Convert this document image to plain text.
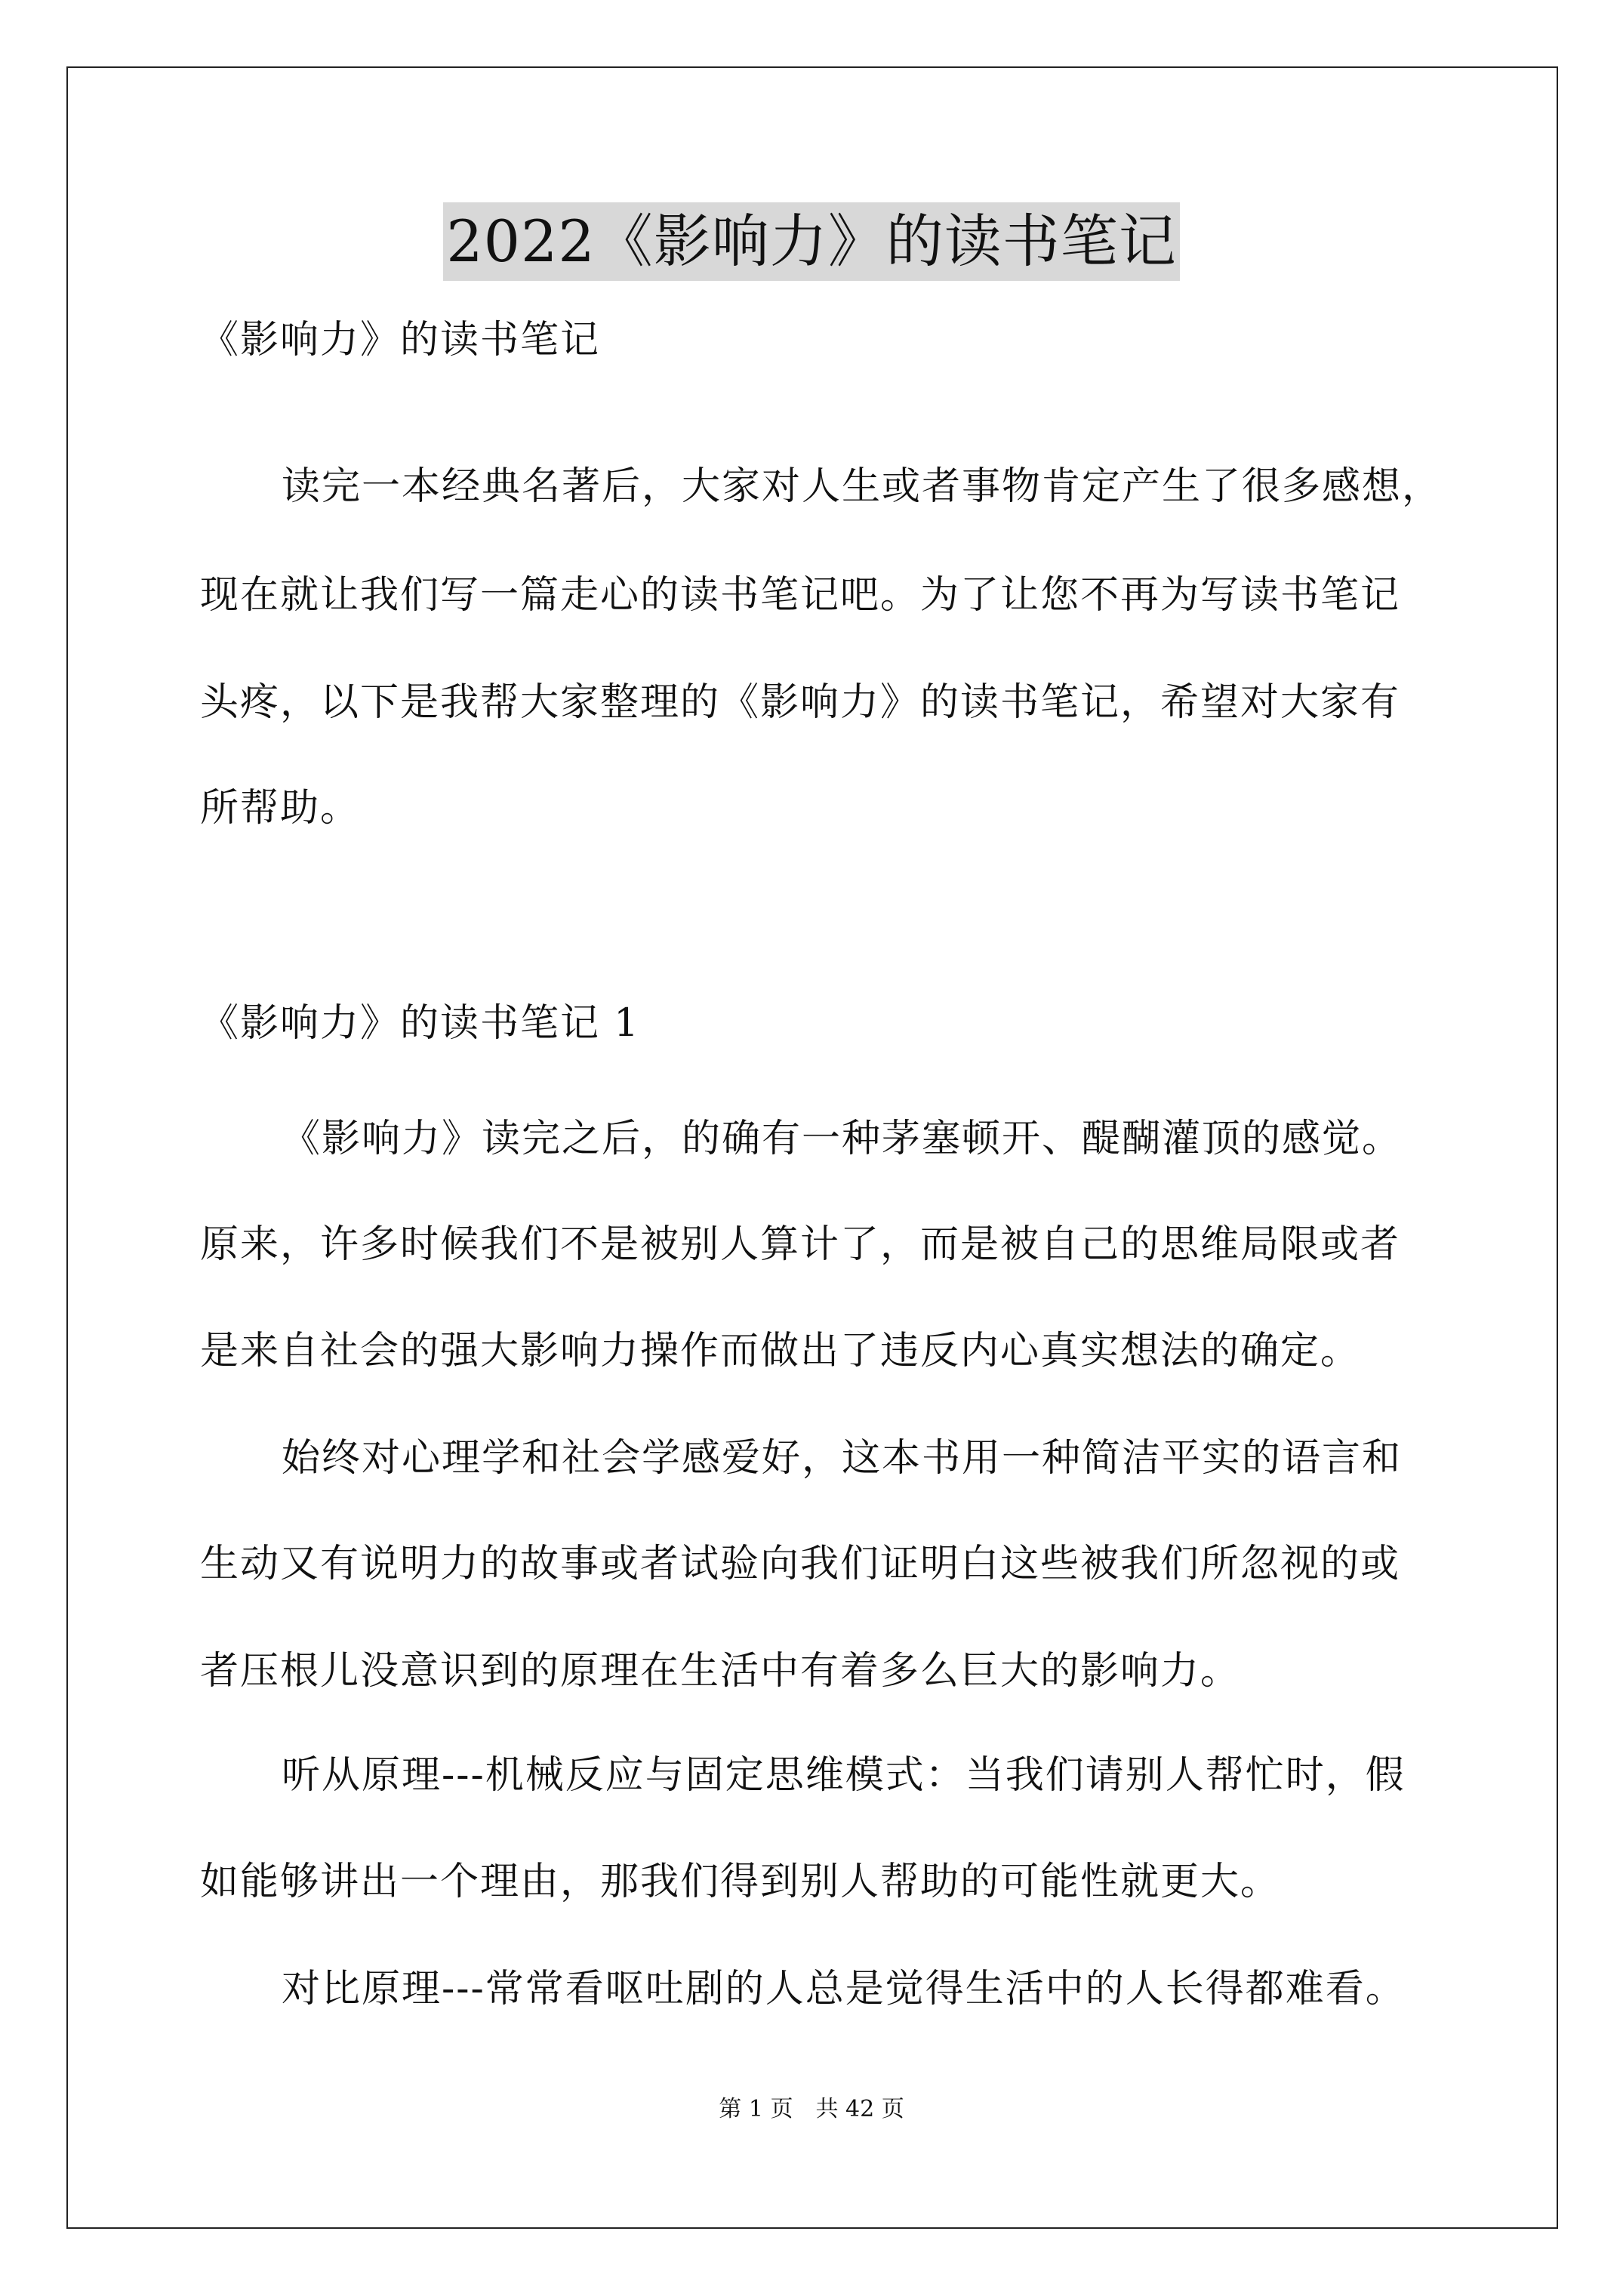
2022《影响力》的读书笔记
《影响力》的读书笔记
读完一本经典名著后，大家对人生或者事物肯定产生了很多感想，
现在就让我们写一篇走心的读书笔记吧。为了让您不再为写读书笔记
头疼，以下是我帮大家整理的《影响力》的读书笔记，希望对大家有
所帮助。
《影响力》的读书笔记 1
《影响力》读完之后，的确有一种茅塞顿开、醍醐灌顶的感觉。
原来，许多时候我们不是被别人算计了，而是被自己的思维局限或者
是来自社会的强大影响力操作而做出了违反内心真实想法的确定。
始终对心理学和社会学感爱好，这本书用一种简洁平实的语言和
生动又有说明力的故事或者试验向我们证明白这些被我们所忽视的或
者压根儿没意识到的原理在生活中有着多么巨大的影响力。
听从原理---机械反应与固定思维模式：当我们请别人帮忙时，假
如能够讲出一个理由，那我们得到别人帮助的可能性就更大。
对比原理---常常看呕吐剧的人总是觉得生活中的人长得都难看。
第 1 页　共 42 页
